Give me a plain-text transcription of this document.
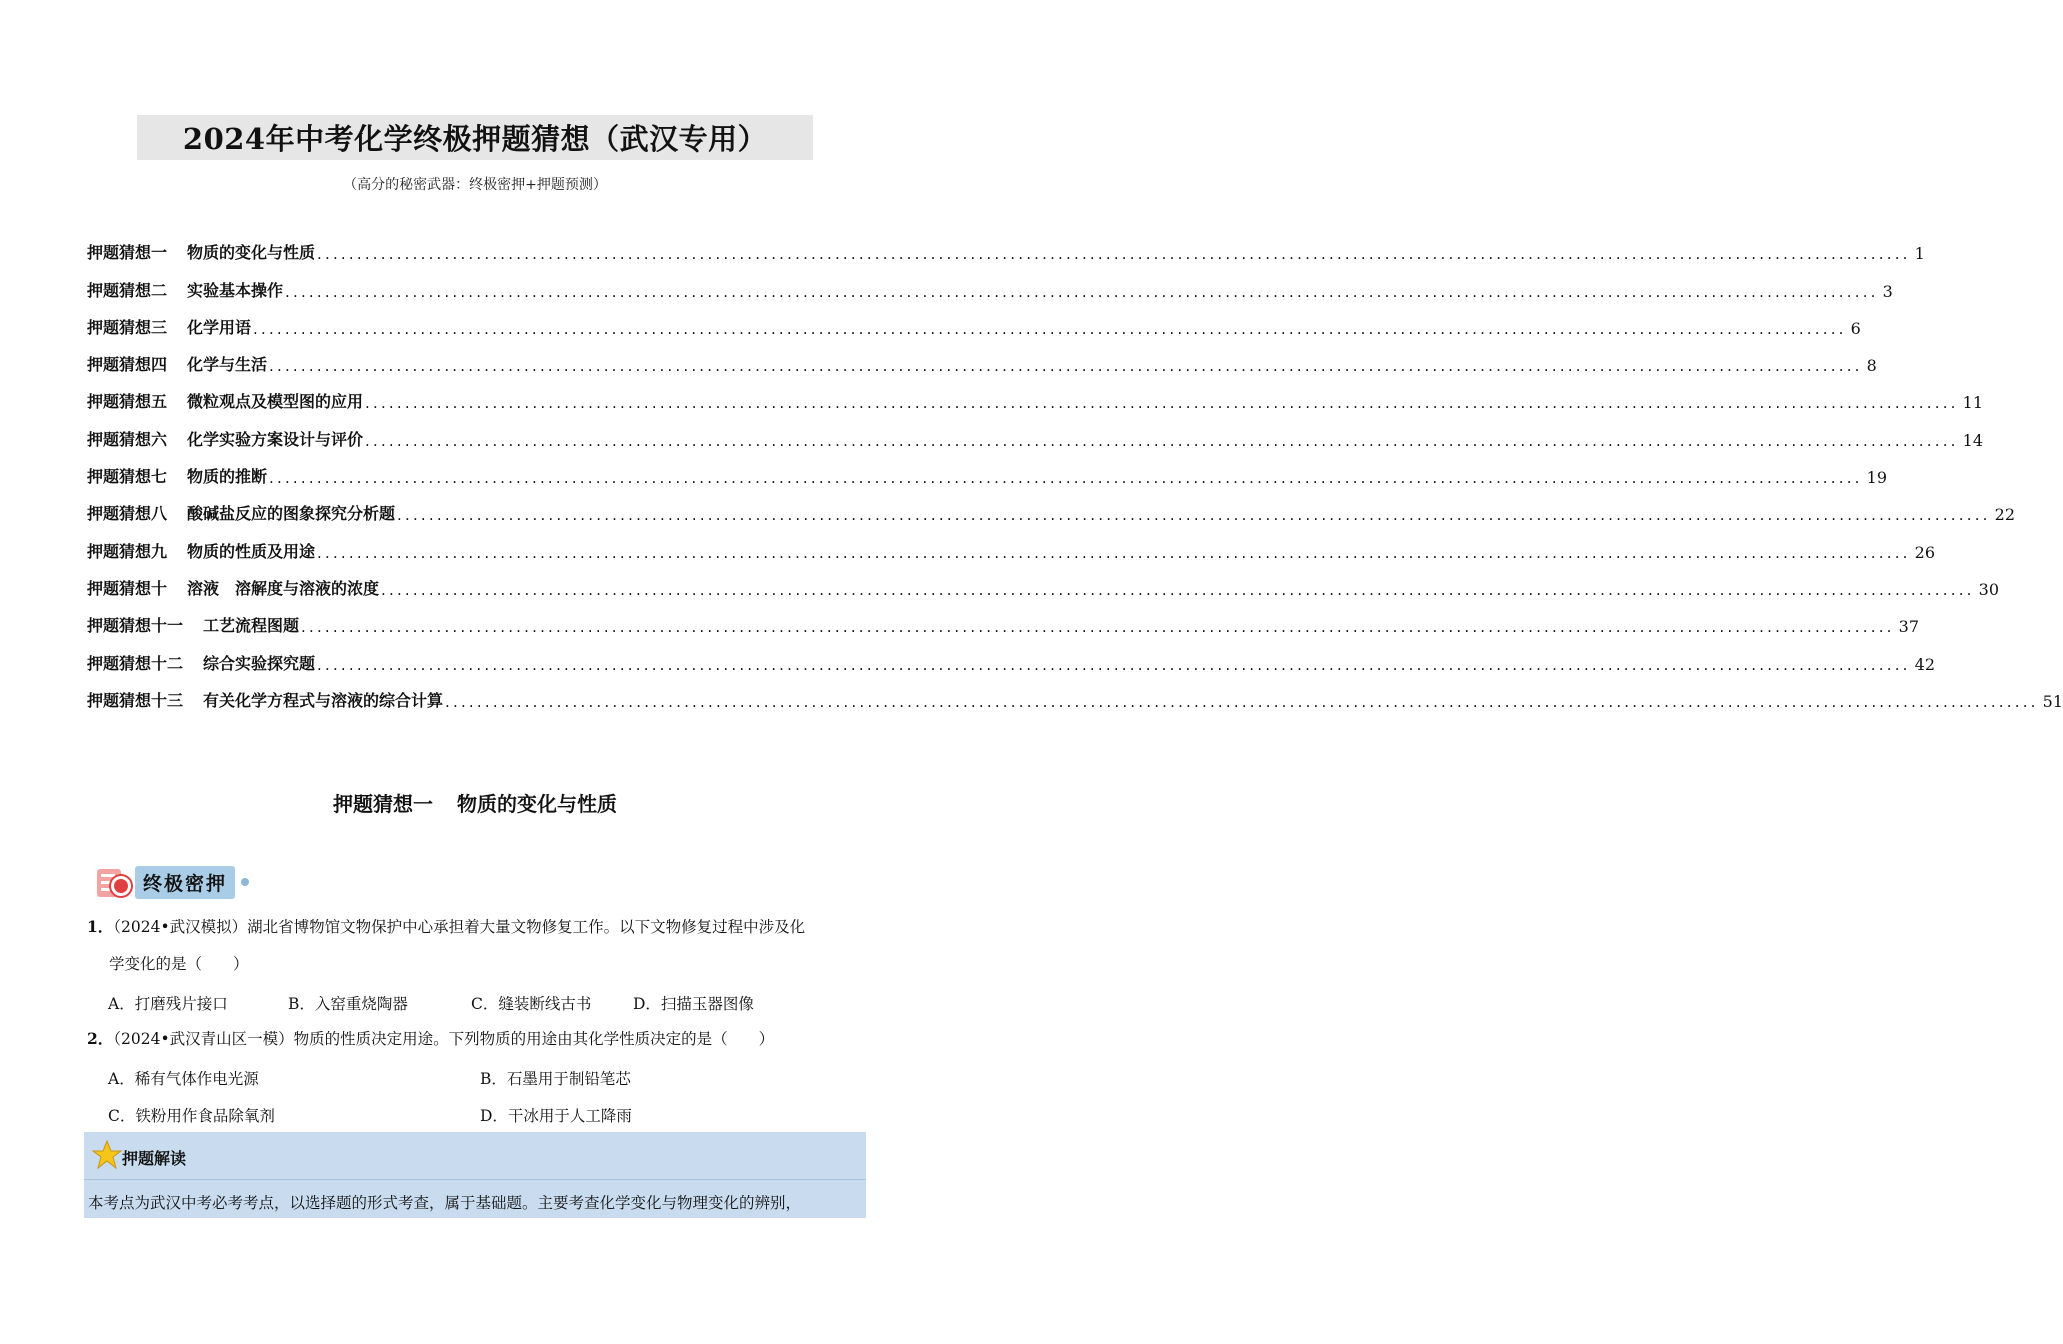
2024年中考化学终极押题猜想（武汉专用）
（高分的秘密武器：终极密押+押题预测）
押题猜想一 物质的变化与性质 ........................................................................................................................................................................................................ 1
押题猜想二 实验基本操作 ........................................................................................................................................................................................................ 3
押题猜想三 化学用语 ........................................................................................................................................................................................................ 6
押题猜想四 化学与生活 ........................................................................................................................................................................................................ 8
押题猜想五 微粒观点及模型图的应用 ........................................................................................................................................................................................................ 11
押题猜想六 化学实验方案设计与评价 ........................................................................................................................................................................................................ 14
押题猜想七 物质的推断 ........................................................................................................................................................................................................ 19
押题猜想八 酸碱盐反应的图象探究分析题 ........................................................................................................................................................................................................ 22
押题猜想九 物质的性质及用途 ........................................................................................................................................................................................................ 26
押题猜想十 溶液　溶解度与溶液的浓度 ........................................................................................................................................................................................................ 30
押题猜想十一 工艺流程图题 ........................................................................................................................................................................................................ 37
押题猜想十二 综合实验探究题 ........................................................................................................................................................................................................ 42
押题猜想十三 有关化学方程式与溶液的综合计算 ........................................................................................................................................................................................................ 51
押题猜想一 物质的变化与性质
终极密押
1．（2024•武汉模拟）湖北省博物馆文物保护中心承担着大量文物修复工作。以下文物修复过程中涉及化
学变化的是（　　）
A．打磨残片接口	B．入窑重烧陶器	C．缝装断线古书	D．扫描玉器图像
2．（2024•武汉青山区一模）物质的性质决定用途。下列物质的用途由其化学性质决定的是（　　）
A．稀有气体作电光源	B．石墨用于制铅笔芯
C．铁粉用作食品除氧剂	D．干冰用于人工降雨
押题解读
本考点为武汉中考必考考点，以选择题的形式考查，属于基础题。主要考查化学变化与物理变化的辨别，
